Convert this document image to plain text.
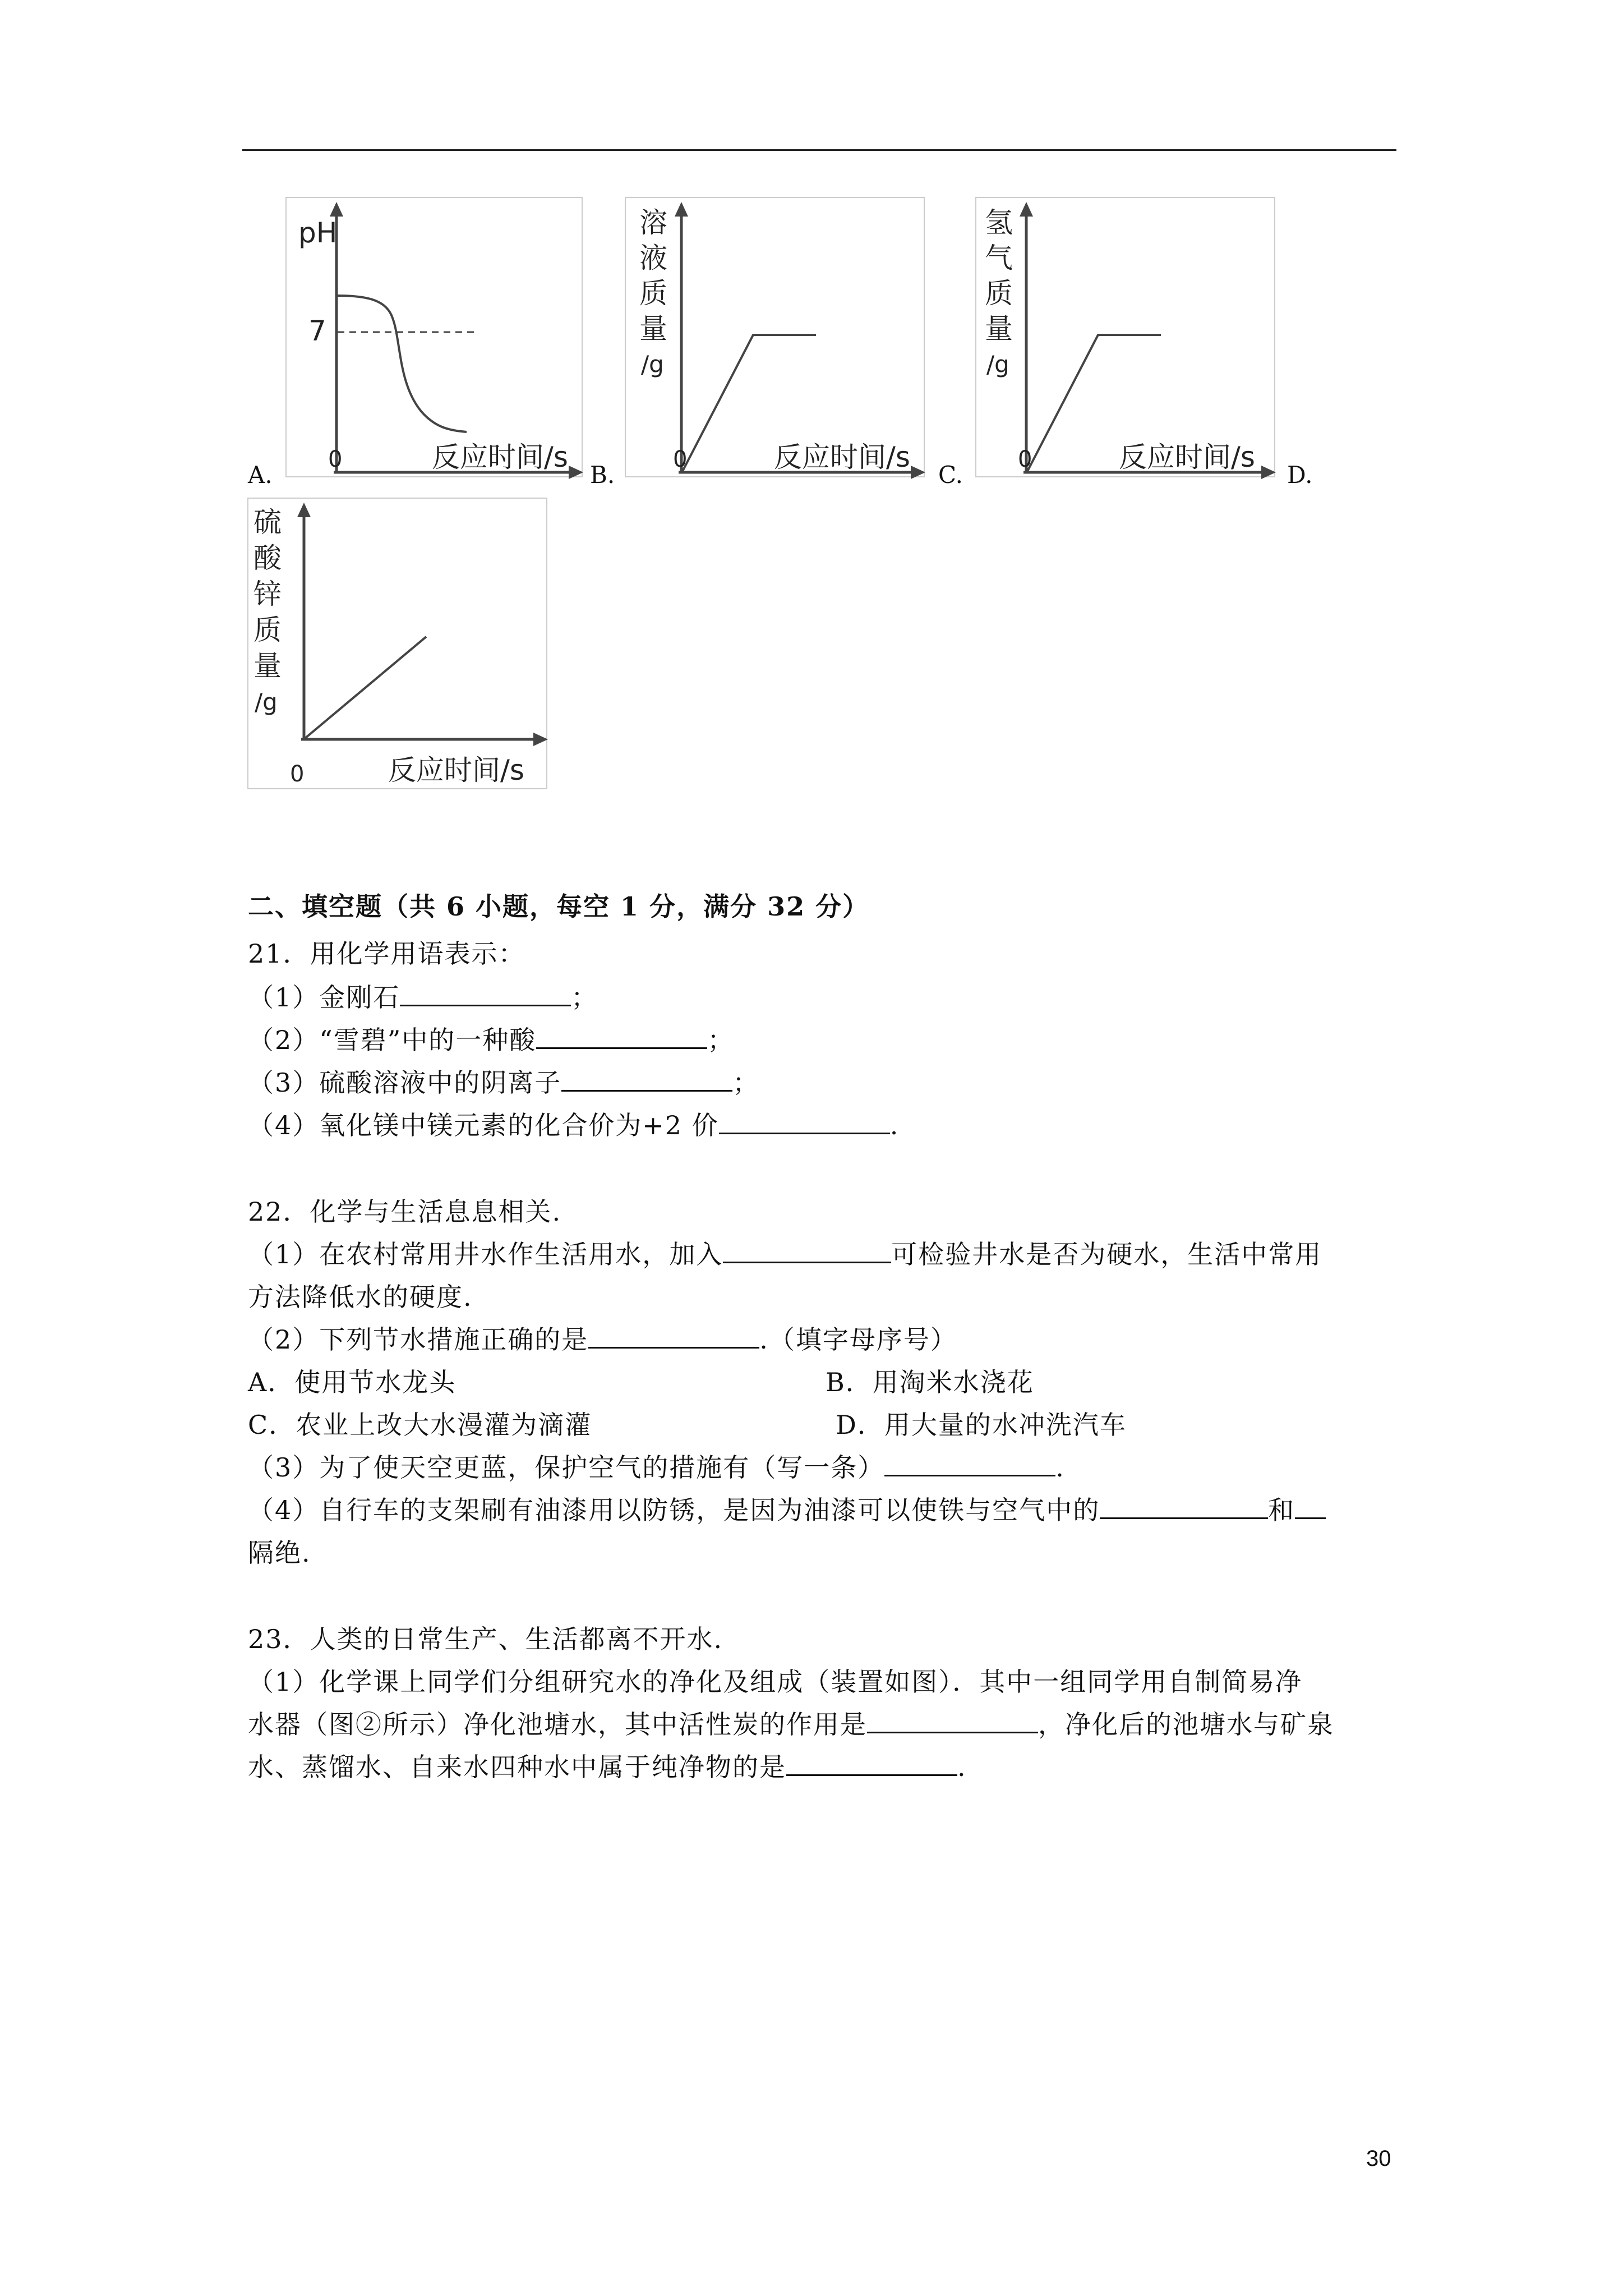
A.
pH
7
0	反应时间/s
B.
溶
液
质
量
/g
0	反应时间/s
C.
氢
气
质
量
/g
0	反应时间/s
D.
硫
酸
锌
质
量
/g
0	反应时间/s
二、填空题（共 6 小题，每空 1 分，满分 32 分）
21．用化学用语表示：
（1）金刚石	；
（2）“雪碧”中的一种酸	；
（3）硫酸溶液中的阴离子	；
（4）氧化镁中镁元素的化合价为+2 价	.
22．化学与生活息息相关.
（1）在农村常用井水作生活用水，加入	可检验井水是否为硬水，生活中常用
方法降低水的硬度.
（2）下列节水措施正确的是	.（填字母序号）
A．使用节水龙头	B．用淘米水浇花
C．农业上改大水漫灌为滴灌	D．用大量的水冲洗汽车
（3）为了使天空更蓝，保护空气的措施有（写一条）	.
（4）自行车的支架刷有油漆用以防锈，是因为油漆可以使铁与空气中的	和
隔绝.
23．人类的日常生产、生活都离不开水.
（1）化学课上同学们分组研究水的净化及组成（装置如图）．其中一组同学用自制简易净
水器（图②所示）净化池塘水，其中活性炭的作用是	，净化后的池塘水与矿泉
水、蒸馏水、自来水四种水中属于纯净物的是	.
30
